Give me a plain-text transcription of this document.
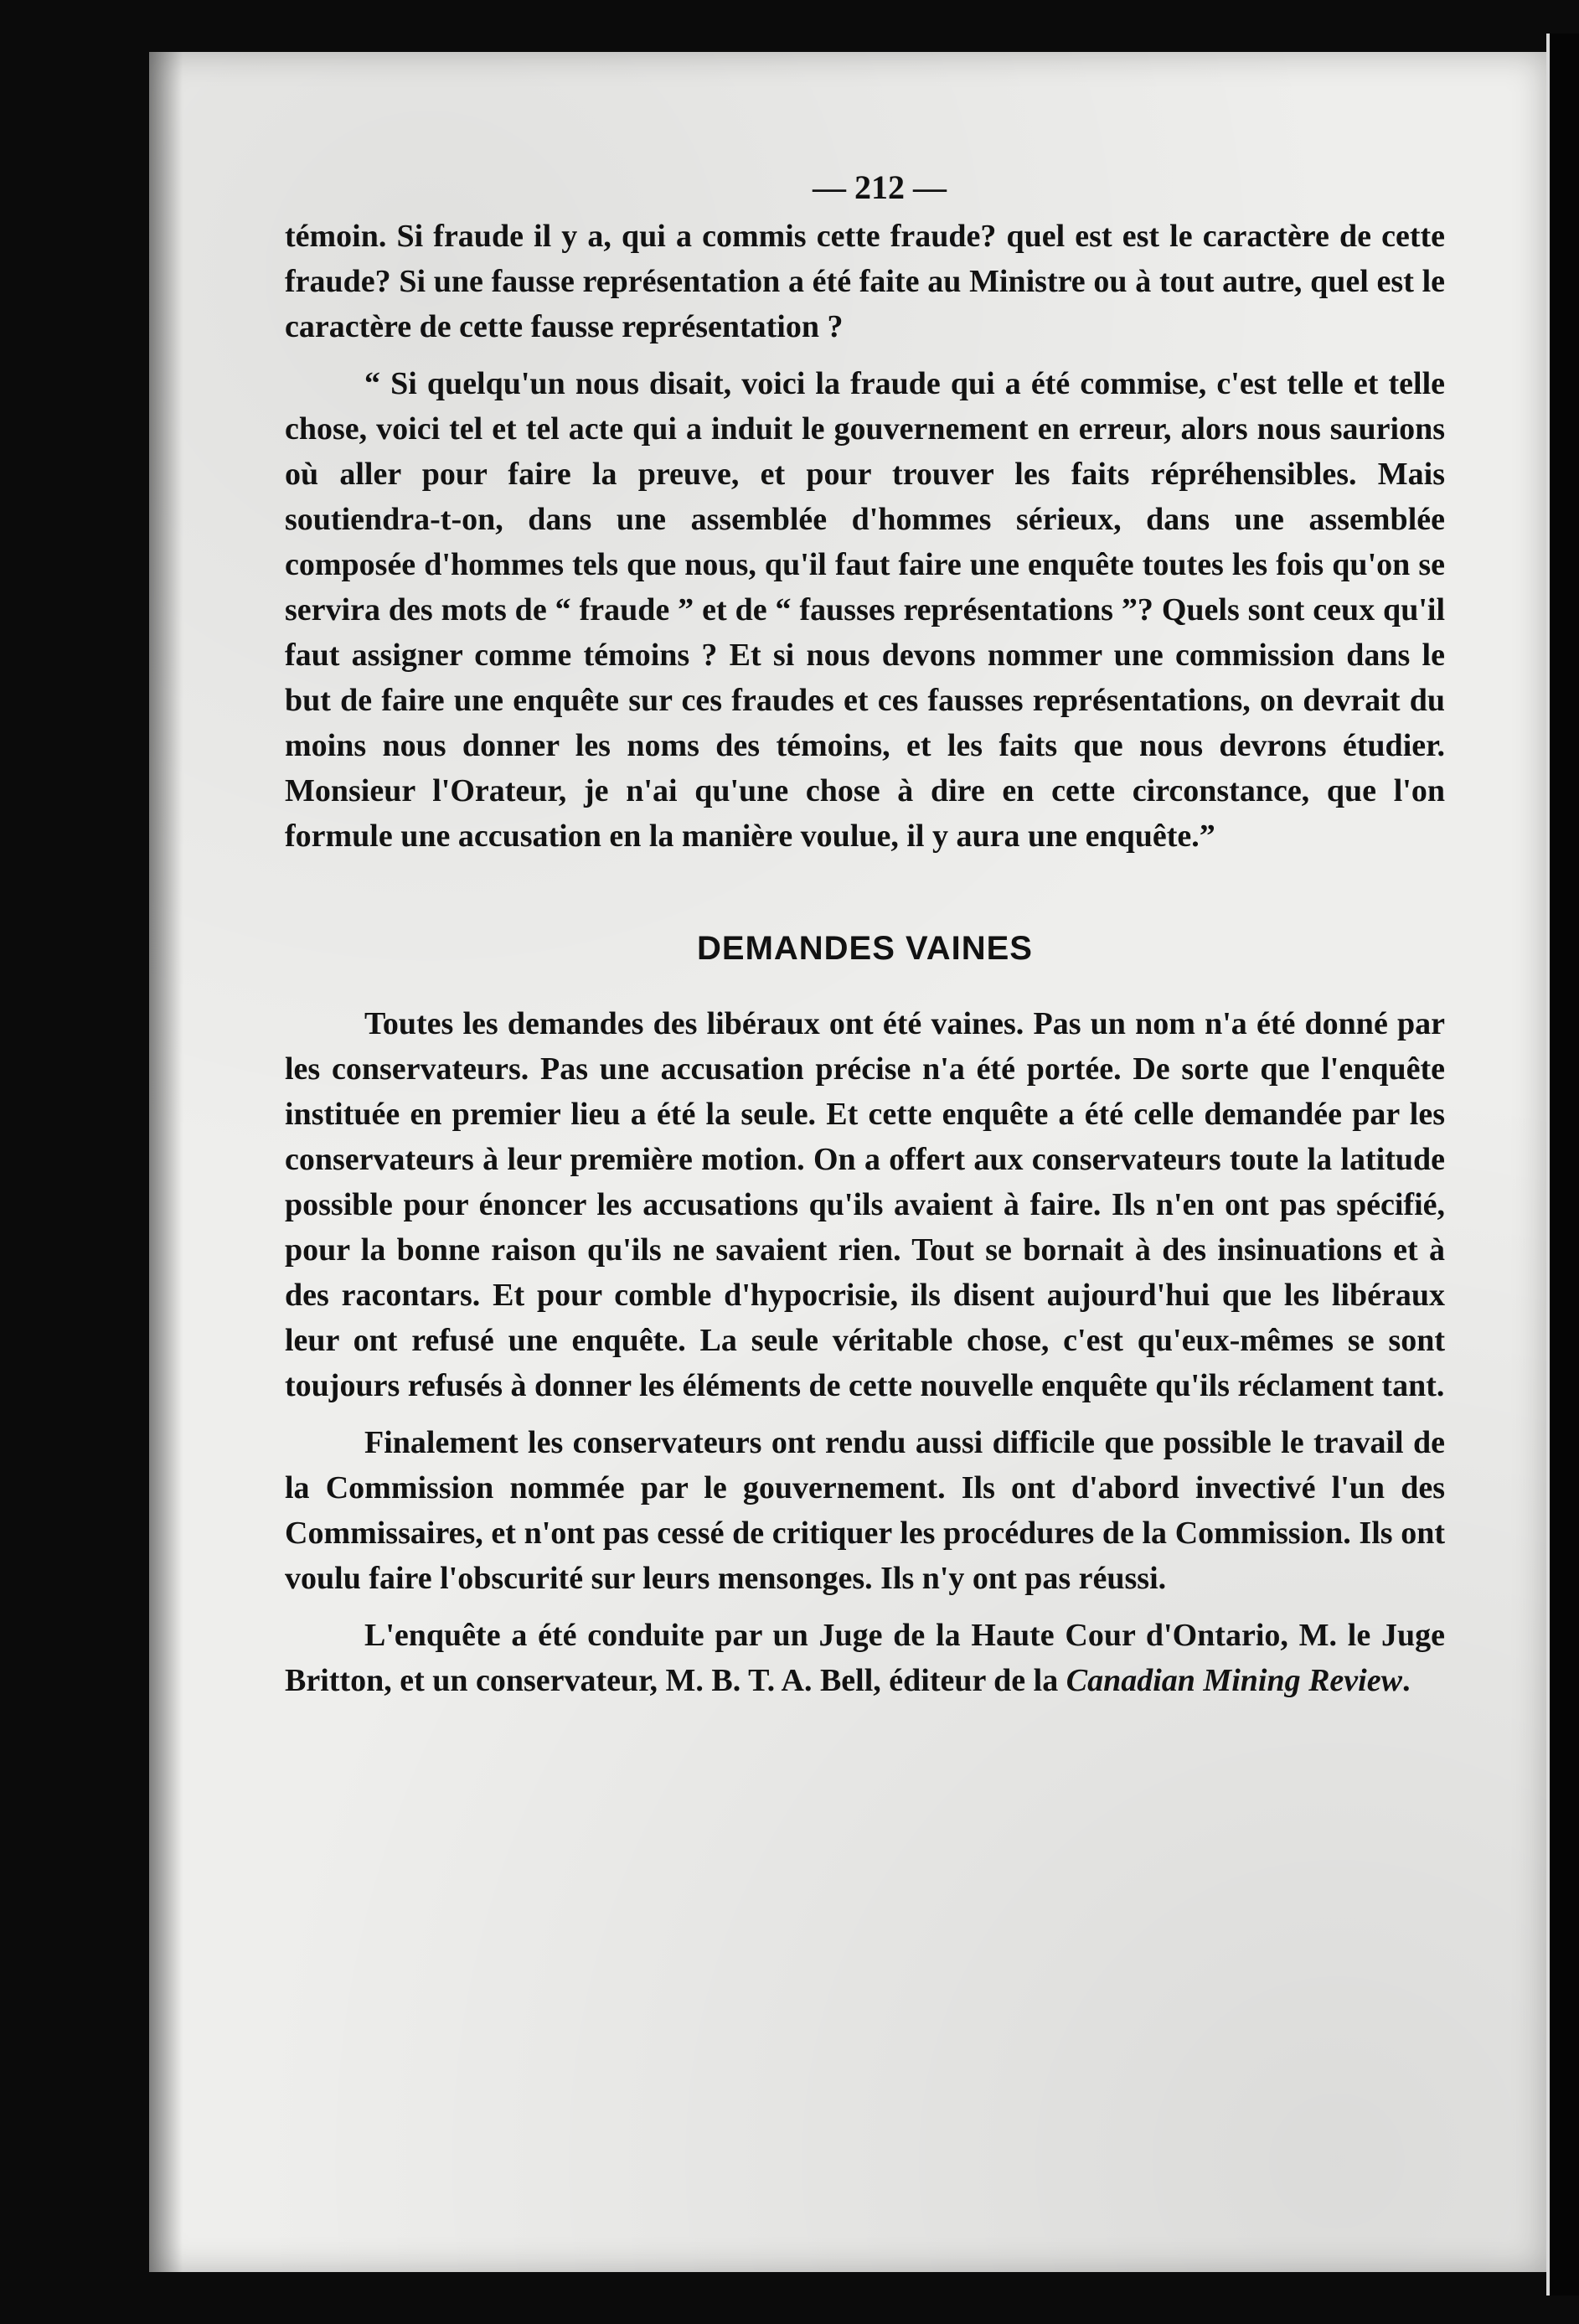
— 212 —

témoin. Si fraude il y a, qui a commis cette fraude? quel est est le caractère de cette fraude? Si une fausse représentation a été faite au Ministre ou à tout autre, quel est le caractère de cette fausse représentation ?

“ Si quelqu'un nous disait, voici la fraude qui a été commise, c'est telle et telle chose, voici tel et tel acte qui a induit le gouvernement en erreur, alors nous saurions où aller pour faire la preuve, et pour trouver les faits répréhensibles. Mais soutiendra-t-on, dans une assemblée d'hommes sérieux, dans une assemblée composée d'hommes tels que nous, qu'il faut faire une enquête toutes les fois qu'on se servira des mots de “ fraude ” et de “ fausses représentations ”? Quels sont ceux qu'il faut assigner comme témoins ? Et si nous devons nommer une commission dans le but de faire une enquête sur ces fraudes et ces fausses représentations, on devrait du moins nous donner les noms des témoins, et les faits que nous devrons étudier. Monsieur l'Orateur, je n'ai qu'une chose à dire en cette circonstance, que l'on formule une accusation en la manière voulue, il y aura une enquête.”

DEMANDES VAINES

Toutes les demandes des libéraux ont été vaines. Pas un nom n'a été donné par les conservateurs. Pas une accusation précise n'a été portée. De sorte que l'enquête instituée en premier lieu a été la seule. Et cette enquête a été celle demandée par les conservateurs à leur première motion. On a offert aux conservateurs toute la latitude possible pour énoncer les accusations qu'ils avaient à faire. Ils n'en ont pas spécifié, pour la bonne raison qu'ils ne savaient rien. Tout se bornait à des insinuations et à des racontars. Et pour comble d'hypocrisie, ils disent aujourd'hui que les libéraux leur ont refusé une enquête. La seule véritable chose, c'est qu'eux-mêmes se sont toujours refusés à donner les éléments de cette nouvelle enquête qu'ils réclament tant.

Finalement les conservateurs ont rendu aussi difficile que possible le travail de la Commission nommée par le gouvernement. Ils ont d'abord invectivé l'un des Commissaires, et n'ont pas cessé de critiquer les procédures de la Commission. Ils ont voulu faire l'obscurité sur leurs mensonges. Ils n'y ont pas réussi.

L'enquête a été conduite par un Juge de la Haute Cour d'Ontario, M. le Juge Britton, et un conservateur, M. B. T. A. Bell, éditeur de la Canadian Mining Review.
